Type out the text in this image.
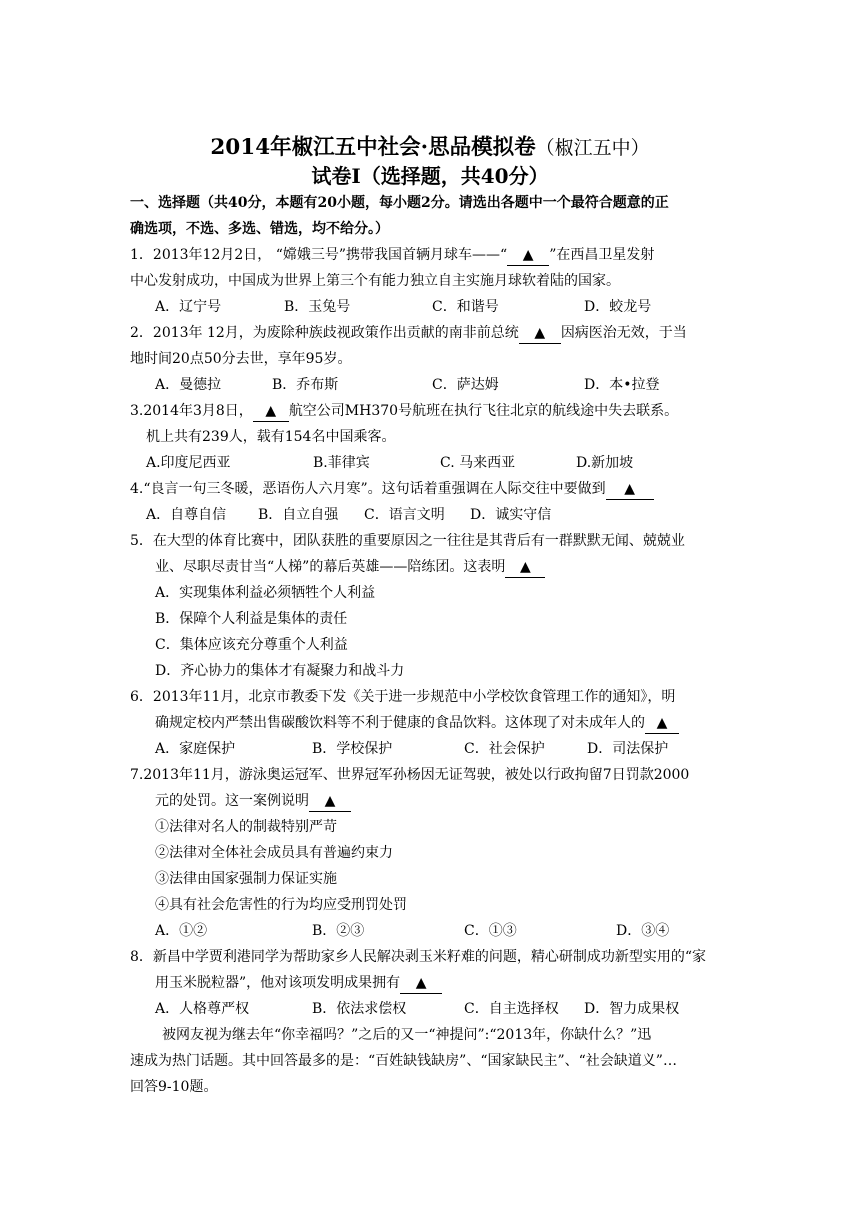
2014年椒江五中社会·思品模拟卷（椒江五中）
试卷Ⅰ（选择题，共40分）
一、选择题（共40分，本题有20小题，每小题2分。请选出各题中一个最符合题意的正
确选项，不选、多选、错选，均不给分。）
1．2013年12月2日， “嫦娥三号”携带我国首辆月球车——“ ▲ ”在西昌卫星发射
中心发射成功，中国成为世界上第三个有能力独立自主实施月球软着陆的国家。
A．辽宁号	B．玉兔号	C．和谐号	D．蛟龙号
2．2013年 12月，为废除种族歧视政策作出贡献的南非前总统 ▲ 因病医治无效，于当
地时间20点50分去世，享年95岁。
A．曼德拉	B．乔布斯	C．萨达姆	D．本•拉登
3.2014年3月8日， ▲ 航空公司MH370号航班在执行飞往北京的航线途中失去联系。
机上共有239人，载有154名中国乘客。
A.印度尼西亚	B.菲律宾	C. 马来西亚	D.新加坡
4.“良言一句三冬暖，恶语伤人六月寒”。这句话着重强调在人际交往中要做到 ▲
A．自尊自信 B．自立自强 C．语言文明 D．诚实守信
5．在大型的体育比赛中，团队获胜的重要原因之一往往是其背后有一群默默无闻、兢兢业
业、尽职尽责甘当“人梯”的幕后英雄——陪练团。这表明 ▲
A．实现集体利益必须牺牲个人利益
B．保障个人利益是集体的责任
C．集体应该充分尊重个人利益
D．齐心协力的集体才有凝聚力和战斗力
6．2013年11月，北京市教委下发《关于进一步规范中小学校饮食管理工作的通知》，明
确规定校内严禁出售碳酸饮料等不利于健康的食品饮料。这体现了对未成年人的 ▲
A．家庭保护	B．学校保护	C．社会保护	D．司法保护
7.2013年11月，游泳奥运冠军、世界冠军孙杨因无证驾驶，被处以行政拘留7日罚款2000
元的处罚。这一案例说明 ▲
①法律对名人的制裁特别严苛
②法律对全体社会成员具有普遍约束力
③法律由国家强制力保证实施
④具有社会危害性的行为均应受刑罚处罚
A．①②	B．②③	C．①③	D．③④
8．新昌中学贾利港同学为帮助家乡人民解决剥玉米籽难的问题，精心研制成功新型实用的“家
用玉米脱粒器”，他对该项发明成果拥有 ▲
A．人格尊严权	B．依法求偿权	C．自主选择权 D．智力成果权
被网友视为继去年“你幸福吗？”之后的又一“神提问”:“2013年，你缺什么？”迅
速成为热门话题。其中回答最多的是：“百姓缺钱缺房”、“国家缺民主”、“社会缺道义”…
回答9-10题。
